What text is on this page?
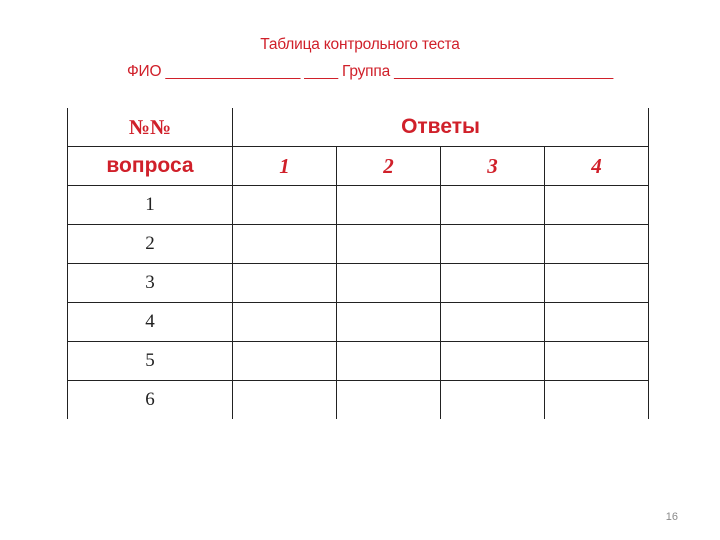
Таблица контрольного теста
ФИО ________________ ____ Группа __________________________
№№	Ответы			
вопроса	1	2	3	4
1				
2				
3				
4				
5				
6				
16
